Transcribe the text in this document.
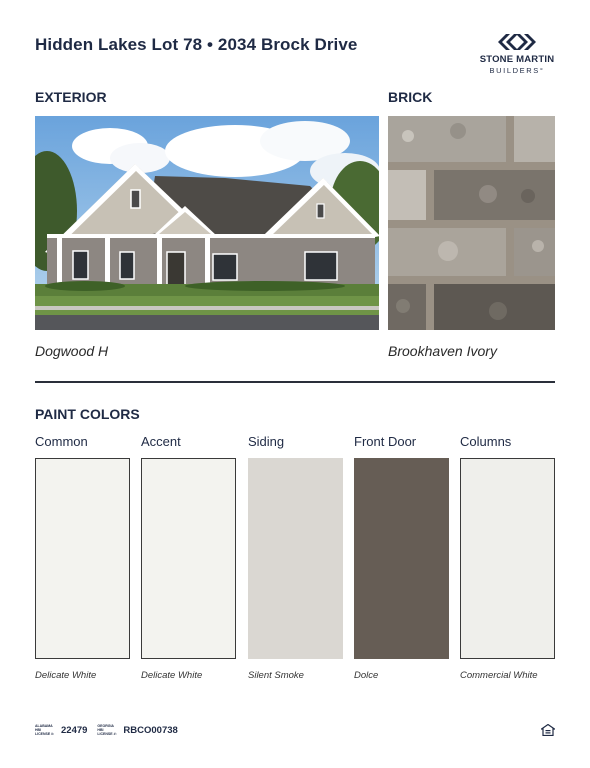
Hidden Lakes Lot 78 • 2034 Brock Drive
STONE MARTIN
BUILDERS°
EXTERIOR	BRICK
Dogwood H	Brookhaven Ivory
PAINT COLORS
Common	Accent	Siding	Front Door	Columns
Delicate White	Delicate White	Silent Smoke	Dolce	Commercial White
ALABAMA HBI LICENSE #: 22479	GEORGIA HBI LICENSE #: RBCO00738
